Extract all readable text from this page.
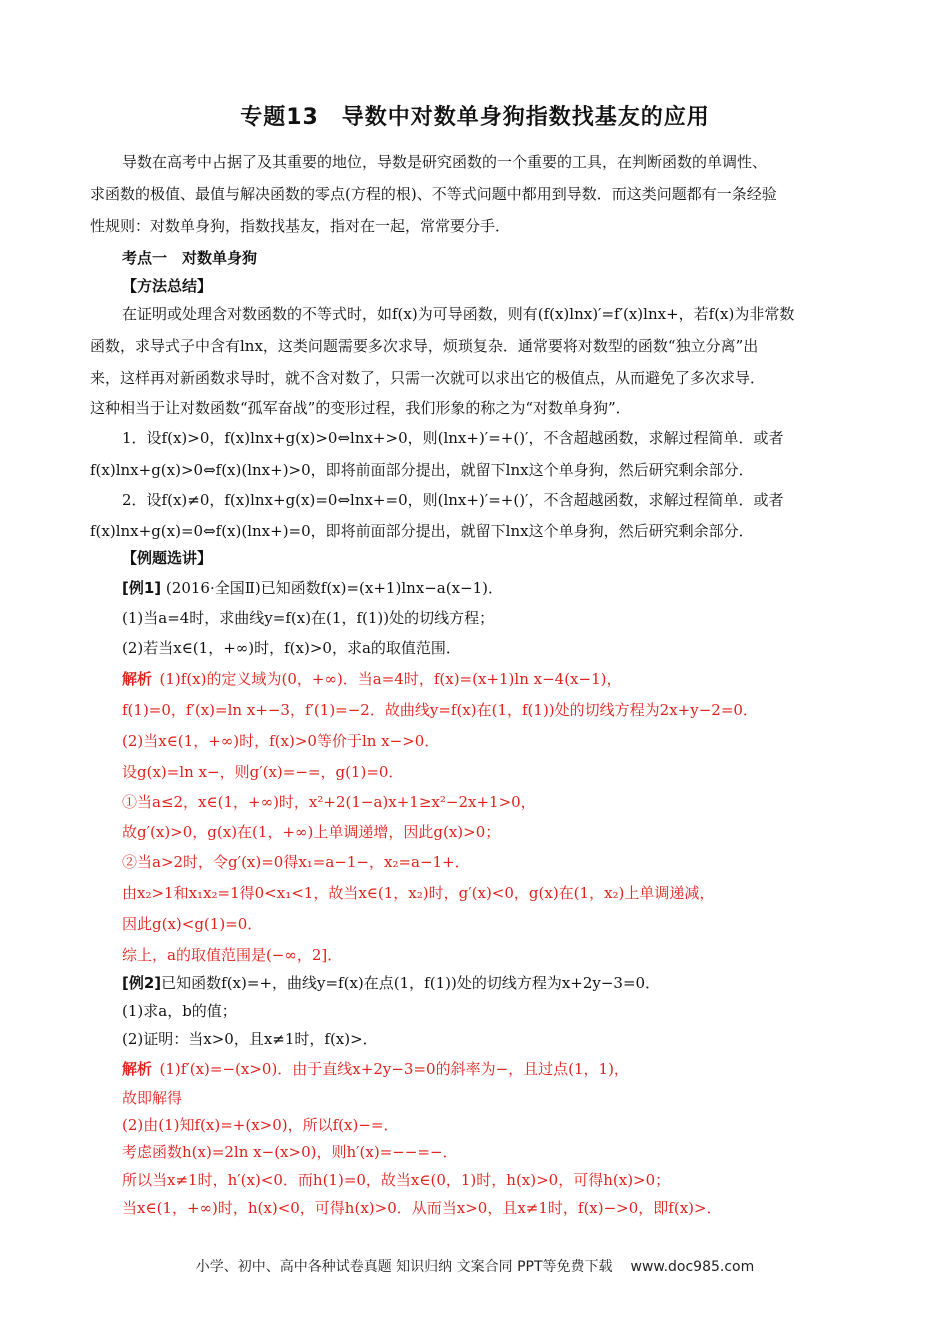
专题13　导数中对数单身狗指数找基友的应用
导数在高考中占据了及其重要的地位，导数是研究函数的一个重要的工具，在判断函数的单调性、
求函数的极值、最值与解决函数的零点(方程的根)、不等式问题中都用到导数．而这类问题都有一条经验
性规则：对数单身狗，指数找基友，指对在一起，常常要分手．
考点一　对数单身狗
【方法总结】
在证明或处理含对数函数的不等式时，如f(x)为可导函数，则有(f(x)lnx)′=f′(x)lnx+，若f(x)为非常数
函数，求导式子中含有lnx，这类问题需要多次求导，烦琐复杂．通常要将对数型的函数“独立分离”出
来，这样再对新函数求导时，就不含对数了，只需一次就可以求出它的极值点，从而避免了多次求导．
这种相当于让对数函数“孤军奋战”的变形过程，我们形象的称之为“对数单身狗”．
1．设f(x)>0，f(x)lnx+g(x)>0⇔lnx+>0，则(lnx+)′=+()′，不含超越函数，求解过程简单．或者
f(x)lnx+g(x)>0⇔f(x)(lnx+)>0，即将前面部分提出，就留下lnx这个单身狗，然后研究剩余部分．
2．设f(x)≠0，f(x)lnx+g(x)=0⇔lnx+=0，则(lnx+)′=+()′，不含超越函数，求解过程简单．或者
f(x)lnx+g(x)=0⇔f(x)(lnx+)=0，即将前面部分提出，就留下lnx这个单身狗，然后研究剩余部分．
【例题选讲】
[例1] (2016·全国Ⅱ)已知函数f(x)=(x+1)lnx−a(x−1)．
(1)当a=4时，求曲线y=f(x)在(1，f(1))处的切线方程；
(2)若当x∈(1，+∞)时，f(x)>0，求a的取值范围．
解析 (1)f(x)的定义域为(0，+∞)．当a=4时，f(x)=(x+1)ln x−4(x−1)，
f(1)=0，f′(x)=ln x+−3，f′(1)=−2．故曲线y=f(x)在(1，f(1))处的切线方程为2x+y−2=0．
(2)当x∈(1，+∞)时，f(x)>0等价于ln x−>0．
设g(x)=ln x−，则g′(x)=−=，g(1)=0．
①当a≤2，x∈(1，+∞)时，x²+2(1−a)x+1≥x²−2x+1>0，
故g′(x)>0，g(x)在(1，+∞)上单调递增，因此g(x)>0；
②当a>2时，令g′(x)=0得x₁=a−1−，x₂=a−1+．
由x₂>1和x₁x₂=1得0<x₁<1，故当x∈(1，x₂)时，g′(x)<0，g(x)在(1，x₂)上单调递减，
因此g(x)<g(1)=0．
综上，a的取值范围是(−∞，2]．
[例2]已知函数f(x)=+，曲线y=f(x)在点(1，f(1))处的切线方程为x+2y−3=0．
(1)求a，b的值；
(2)证明：当x>0，且x≠1时，f(x)>．
解析 (1)f′(x)=−(x>0)．由于直线x+2y−3=0的斜率为−，且过点(1，1)，
故即解得
(2)由(1)知f(x)=+(x>0)，所以f(x)−=．
考虑函数h(x)=2ln x−(x>0)，则h′(x)=−−=−．
所以当x≠1时，h′(x)<0．而h(1)=0，故当x∈(0，1)时，h(x)>0，可得h(x)>0；
当x∈(1，+∞)时，h(x)<0，可得h(x)>0．从而当x>0，且x≠1时，f(x)−>0，即f(x)>．
小学、初中、高中各种试卷真题 知识归纳 文案合同 PPT等免费下载 www.doc985.com
